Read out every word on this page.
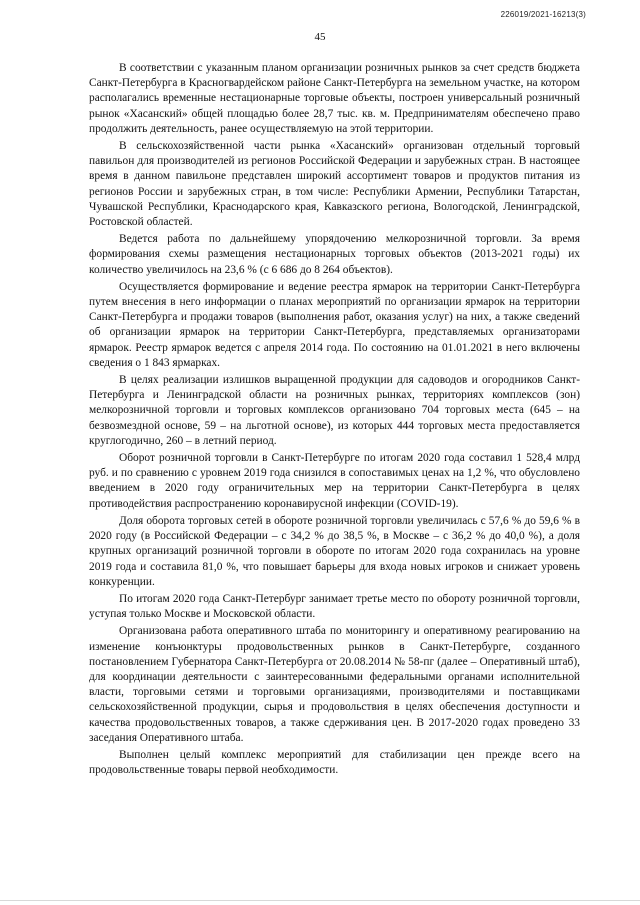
226019/2021-16213(3)
45

В соответствии с указанным планом организации розничных рынков за счет средств бюджета Санкт-Петербурга в Красногвардейском районе Санкт-Петербурга на земельном участке, на котором располагались временные нестационарные торговые объекты, построен универсальный розничный рынок «Хасанский» общей площадью более 28,7 тыс. кв. м. Предпринимателям обеспечено право продолжить деятельность, ранее осуществляемую на этой территории.

В сельскохозяйственной части рынка «Хасанский» организован отдельный торговый павильон для производителей из регионов Российской Федерации и зарубежных стран. В настоящее время в данном павильоне представлен широкий ассортимент товаров и продуктов питания из регионов России и зарубежных стран, в том числе: Республики Армении, Республики Татарстан, Чувашской Республики, Краснодарского края, Кавказского региона, Вологодской, Ленинградской, Ростовской областей.

Ведется работа по дальнейшему упорядочению мелкорозничной торговли. За время формирования схемы размещения нестационарных торговых объектов (2013-2021 годы) их количество увеличилось на 23,6 % (с 6 686 до 8 264 объектов).

Осуществляется формирование и ведение реестра ярмарок на территории Санкт-Петербурга путем внесения в него информации о планах мероприятий по организации ярмарок на территории Санкт-Петербурга и продажи товаров (выполнения работ, оказания услуг) на них, а также сведений об организации ярмарок на территории Санкт-Петербурга, представляемых организаторами ярмарок. Реестр ярмарок ведется с апреля 2014 года. По состоянию на 01.01.2021 в него включены сведения о 1 843 ярмарках.

В целях реализации излишков выращенной продукции для садоводов и огородников Санкт-Петербурга и Ленинградской области на розничных рынках, территориях комплексов (зон) мелкорозничной торговли и торговых комплексов организовано 704 торговых места (645 – на безвозмездной основе, 59 – на льготной основе), из которых 444 торговых места предоставляется круглогодично, 260 – в летний период.

Оборот розничной торговли в Санкт-Петербурге по итогам 2020 года составил 1 528,4 млрд руб. и по сравнению с уровнем 2019 года снизился в сопоставимых ценах на 1,2 %, что обусловлено введением в 2020 году ограничительных мер на территории Санкт-Петербурга в целях противодействия распространению коронавирусной инфекции (COVID-19).

Доля оборота торговых сетей в обороте розничной торговли увеличилась с 57,6 % до 59,6 % в 2020 году (в Российской Федерации – с 34,2 % до 38,5 %, в Москве – с 36,2 % до 40,0 %), а доля крупных организаций розничной торговли в обороте по итогам 2020 года сохранилась на уровне 2019 года и составила 81,0 %, что повышает барьеры для входа новых игроков и снижает уровень конкуренции.

По итогам 2020 года Санкт-Петербург занимает третье место по обороту розничной торговли, уступая только Москве и Московской области.

Организована работа оперативного штаба по мониторингу и оперативному реагированию на изменение конъюнктуры продовольственных рынков в Санкт-Петербурге, созданного постановлением Губернатора Санкт-Петербурга от 20.08.2014 № 58-пг (далее – Оперативный штаб), для координации деятельности с заинтересованными федеральными органами исполнительной власти, торговыми сетями и торговыми организациями, производителями и поставщиками сельскохозяйственной продукции, сырья и продовольствия в целях обеспечения доступности и качества продовольственных товаров, а также сдерживания цен. В 2017-2020 годах проведено 33 заседания Оперативного штаба.

Выполнен целый комплекс мероприятий для стабилизации цен прежде всего на продовольственные товары первой необходимости.
